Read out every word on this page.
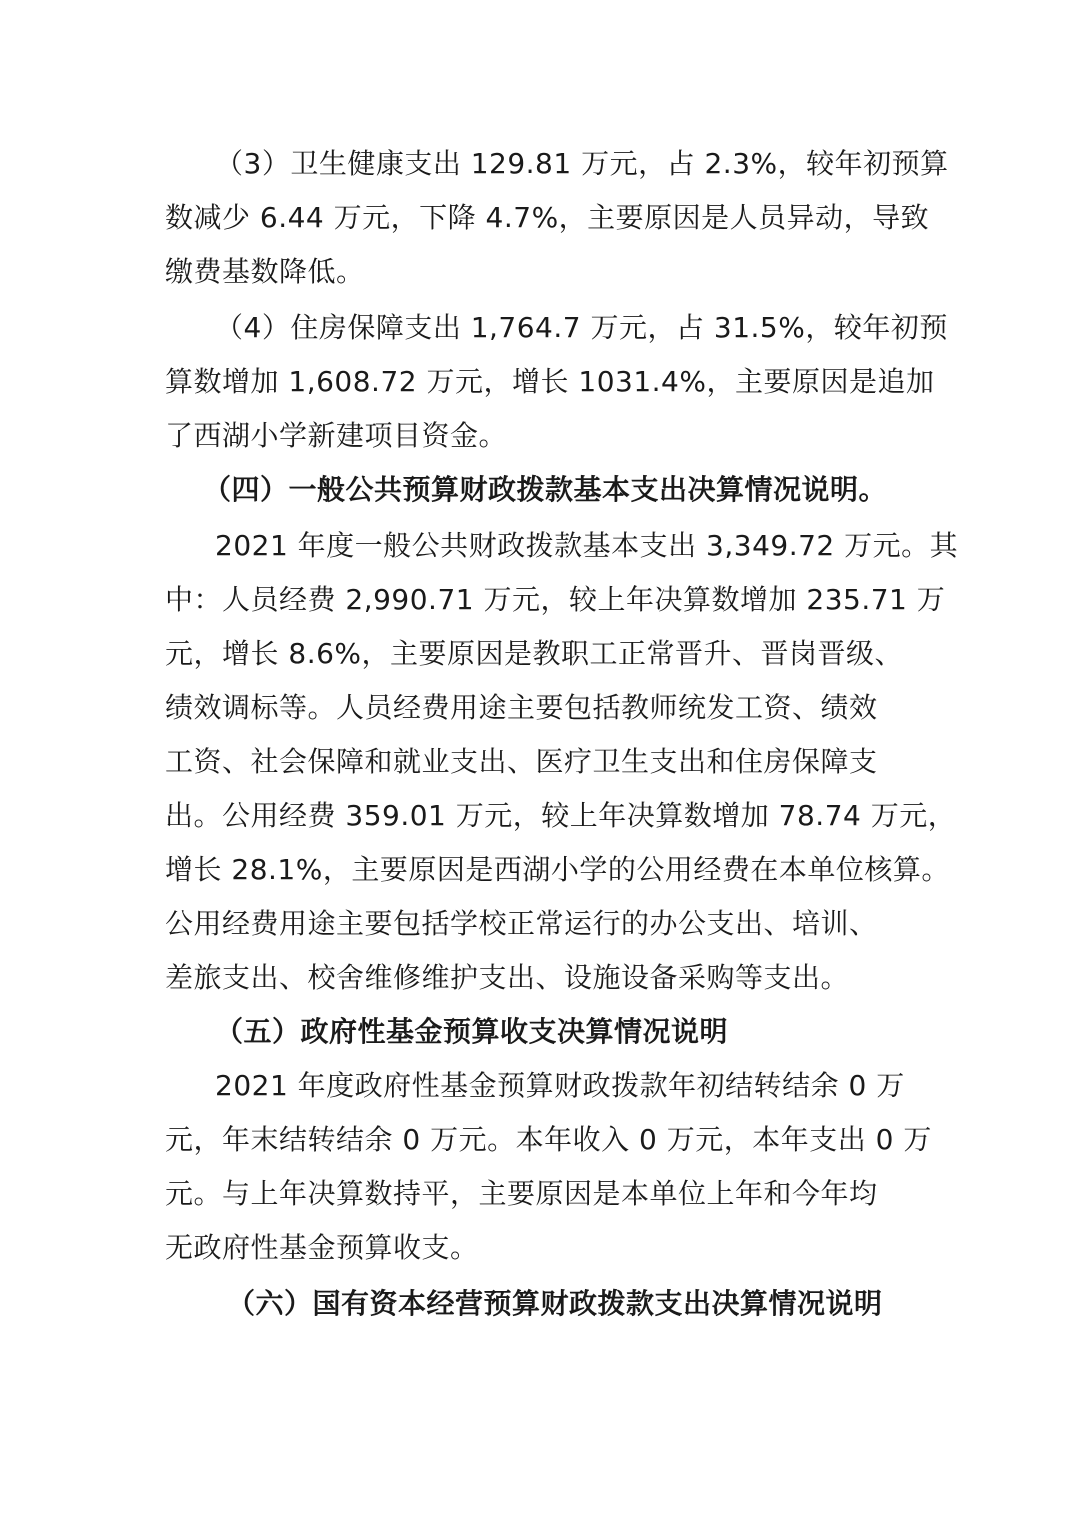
（3）卫生健康支出 129.81 万元，占 2.3%，较年初预算
数减少 6.44 万元，下降 4.7%，主要原因是人员异动，导致
缴费基数降低。
（4）住房保障支出 1,764.7 万元，占 31.5%，较年初预
算数增加 1,608.72 万元，增长 1031.4%，主要原因是追加
了西湖小学新建项目资金。
（四）一般公共预算财政拨款基本支出决算情况说明。
2021 年度一般公共财政拨款基本支出 3,349.72 万元。其
中：人员经费 2,990.71 万元，较上年决算数增加 235.71 万
元，增长 8.6%，主要原因是教职工正常晋升、晋岗晋级、
绩效调标等。人员经费用途主要包括教师统发工资、绩效
工资、社会保障和就业支出、医疗卫生支出和住房保障支
出。公用经费 359.01 万元，较上年决算数增加 78.74 万元，
增长 28.1%，主要原因是西湖小学的公用经费在本单位核算。
公用经费用途主要包括学校正常运行的办公支出、培训、
差旅支出、校舍维修维护支出、设施设备采购等支出。
（五）政府性基金预算收支决算情况说明
2021 年度政府性基金预算财政拨款年初结转结余 0 万
元，年末结转结余 0 万元。本年收入 0 万元，本年支出 0 万
元。与上年决算数持平，主要原因是本单位上年和今年均
无政府性基金预算收支。
（六）国有资本经营预算财政拨款支出决算情况说明
